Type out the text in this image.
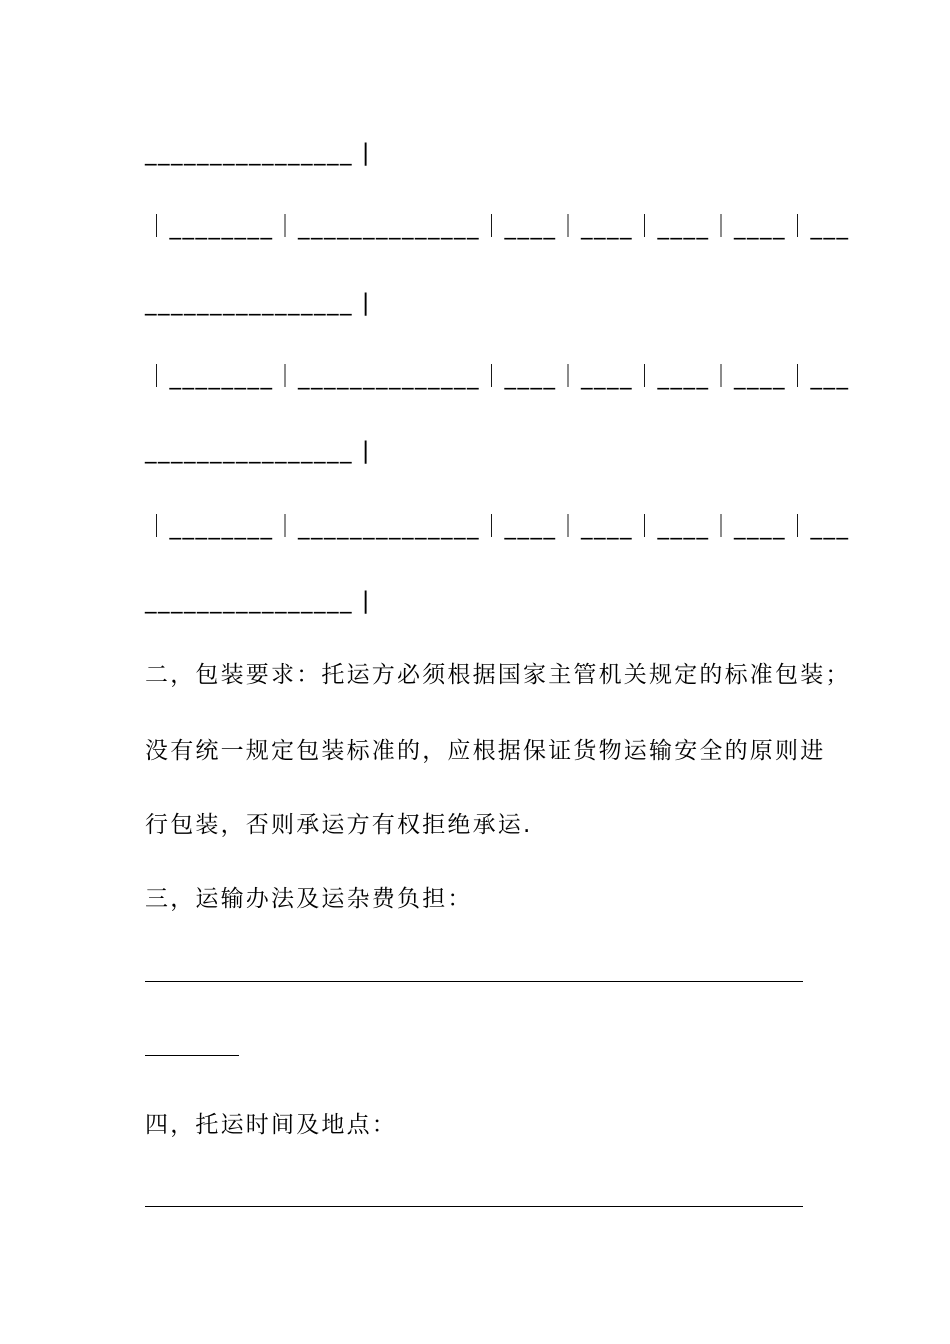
________________ |
｜________｜______________｜____｜____｜____｜____｜___
________________ |
｜________｜______________｜____｜____｜____｜____｜___
________________ |
｜________｜______________｜____｜____｜____｜____｜___
________________ |
二，包装要求：托运方必须根据国家主管机关规定的标准包装；
没有统一规定包装标准的，应根据保证货物运输安全的原则进
行包装，否则承运方有权拒绝承运.
三，运输办法及运杂费负担：
四，托运时间及地点：
